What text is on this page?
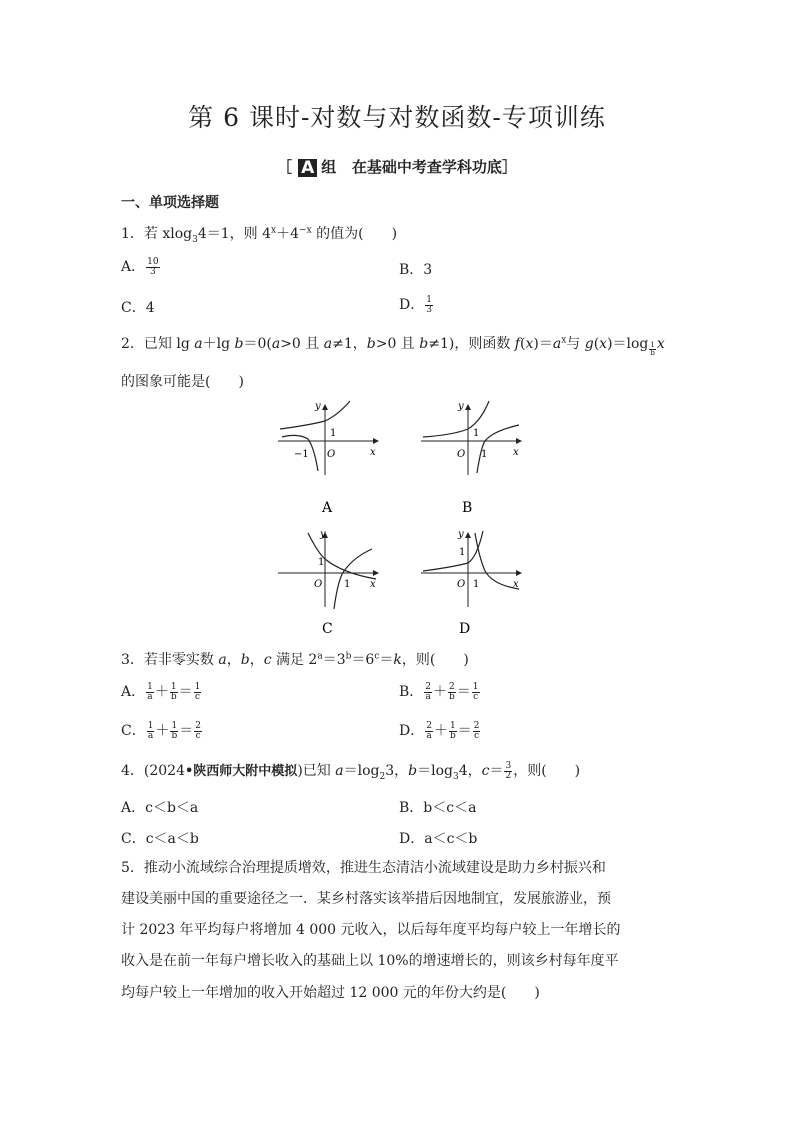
第 6 课时-对数与对数函数-专项训练
［ A 组 在基础中考查学科功底］
一、单项选择题
1．若 xlog$_3$4＝1，则 $4^x+4^{-x}$ 的值为(　　)
A． $\frac{10}{3}$	B．3
C．4	D． $\frac{1}{3}$
2．已知 lg a＋lg b＝0(a>0 且 a≠1，b>0 且 b≠1)，则函数 $f(x)=a^x$与 g(x)＝log $_{\frac{1}{b}}$ x
的图象可能是(　　)
y
x
O
1
−1
A
y
x
O
1
1
B
y
x
O
1
1
C
y
x
O
1
1
D
3．若非零实数 a，b，c 满足 $2^a=3^b=6^c=k$，则(　　)
A． $\frac{1}{a} + \frac{1}{b} = \frac{1}{c}$	B． $\frac{2}{a} + \frac{2}{b} = \frac{1}{c}$
C． $\frac{1}{a} + \frac{1}{b} = \frac{2}{c}$	D． $\frac{2}{a} + \frac{1}{b} = \frac{2}{c}$
4．(2024•陕西师大附中模拟)已知 $a=\log_23$，$b=\log_34$，$c= \frac{3}{2}$ ，则(　　)
A．c＜b＜a	B．b＜c＜a
C．c＜a＜b	D．a＜c＜b
5．推动小流域综合治理提质增效，推进生态清洁小流域建设是助力乡村振兴和
建设美丽中国的重要途径之一．某乡村落实该举措后因地制宜，发展旅游业，预
计 2023 年平均每户将增加 4 000 元收入，以后每年度平均每户较上一年增长的
收入是在前一年每户增长收入的基础上以 10%的增速增长的，则该乡村每年度平
均每户较上一年增加的收入开始超过 12 000 元的年份大约是(　　)
